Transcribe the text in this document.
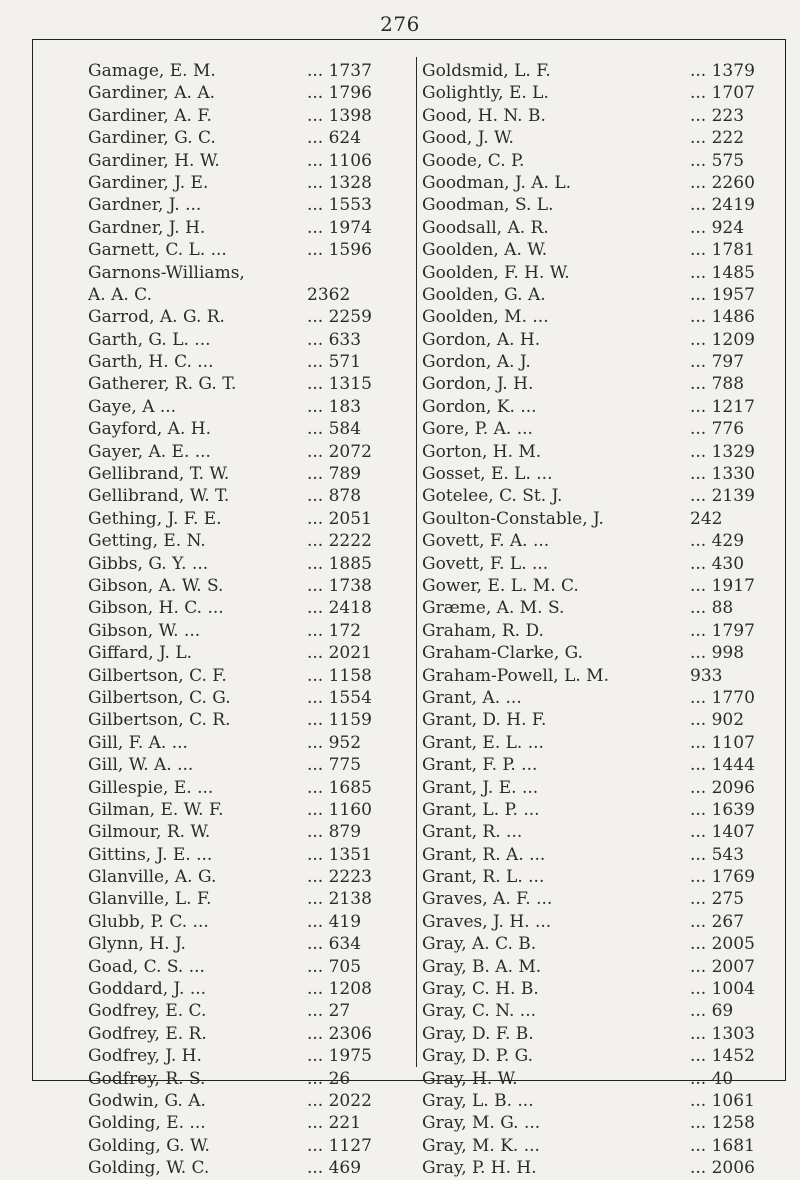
276
Gamage, E. M.	... 1737
Gardiner, A. A.	... 1796
Gardiner, A. F.	... 1398
Gardiner, G. C.	... 624
Gardiner, H. W.	... 1106
Gardiner, J. E.	... 1328
Gardner, J. ...	... 1553
Gardner, J. H.	... 1974
Garnett, C. L. ...	... 1596
Garnons-Williams,
A. A. C.	2362
Garrod, A. G. R.	... 2259
Garth, G. L. ...	... 633
Garth, H. C. ...	... 571
Gatherer, R. G. T.	... 1315
Gaye, A ...	... 183
Gayford, A. H.	... 584
Gayer, A. E. ...	... 2072
Gellibrand, T. W.	... 789
Gellibrand, W. T.	... 878
Gething, J. F. E.	... 2051
Getting, E. N.	... 2222
Gibbs, G. Y. ...	... 1885
Gibson, A. W. S.	... 1738
Gibson, H. C. ...	... 2418
Gibson, W. ...	... 172
Giffard, J. L.	... 2021
Gilbertson, C. F.	... 1158
Gilbertson, C. G.	... 1554
Gilbertson, C. R.	... 1159
Gill, F. A. ...	... 952
Gill, W. A. ...	... 775
Gillespie, E. ...	... 1685
Gilman, E. W. F.	... 1160
Gilmour, R. W.	... 879
Gittins, J. E. ...	... 1351
Glanville, A. G.	... 2223
Glanville, L. F.	... 2138
Glubb, P. C. ...	... 419
Glynn, H. J.	... 634
Goad, C. S. ...	... 705
Goddard, J. ...	... 1208
Godfrey, E. C.	... 27
Godfrey, E. R.	... 2306
Godfrey, J. H.	... 1975
Godfrey, R. S.	... 26
Godwin, G. A.	... 2022
Golding, E. ...	... 221
Golding, G. W.	... 1127
Golding, W. C.	... 469
Goldsmid, L. F.	... 1379
Golightly, E. L.	... 1707
Good, H. N. B.	... 223
Good, J. W.	... 222
Goode, C. P.	... 575
Goodman, J. A. L.	... 2260
Goodman, S. L.	... 2419
Goodsall, A. R.	... 924
Goolden, A. W.	... 1781
Goolden, F. H. W.	... 1485
Goolden, G. A.	... 1957
Goolden, M. ...	... 1486
Gordon, A. H.	... 1209
Gordon, A. J.	... 797
Gordon, J. H.	... 788
Gordon, K. ...	... 1217
Gore, P. A. ...	... 776
Gorton, H. M.	... 1329
Gosset, E. L. ...	... 1330
Gotelee, C. St. J.	... 2139
Goulton-Constable, J.	242
Govett, F. A. ...	... 429
Govett, F. L. ...	... 430
Gower, E. L. M. C.	... 1917
Græme, A. M. S.	... 88
Graham, R. D.	... 1797
Graham-Clarke, G.	... 998
Graham-Powell, L. M.	933
Grant, A. ...	... 1770
Grant, D. H. F.	... 902
Grant, E. L. ...	... 1107
Grant, F. P. ...	... 1444
Grant, J. E. ...	... 2096
Grant, L. P. ...	... 1639
Grant, R. ...	... 1407
Grant, R. A. ...	... 543
Grant, R. L. ...	... 1769
Graves, A. F. ...	... 275
Graves, J. H. ...	... 267
Gray, A. C. B.	... 2005
Gray, B. A. M.	... 2007
Gray, C. H. B.	... 1004
Gray, C. N. ...	... 69
Gray, D. F. B.	... 1303
Gray, D. P. G.	... 1452
Gray, H. W.	... 40
Gray, L. B. ...	... 1061
Gray, M. G. ...	... 1258
Gray, M. K. ...	... 1681
Gray, P. H. H.	... 2006
